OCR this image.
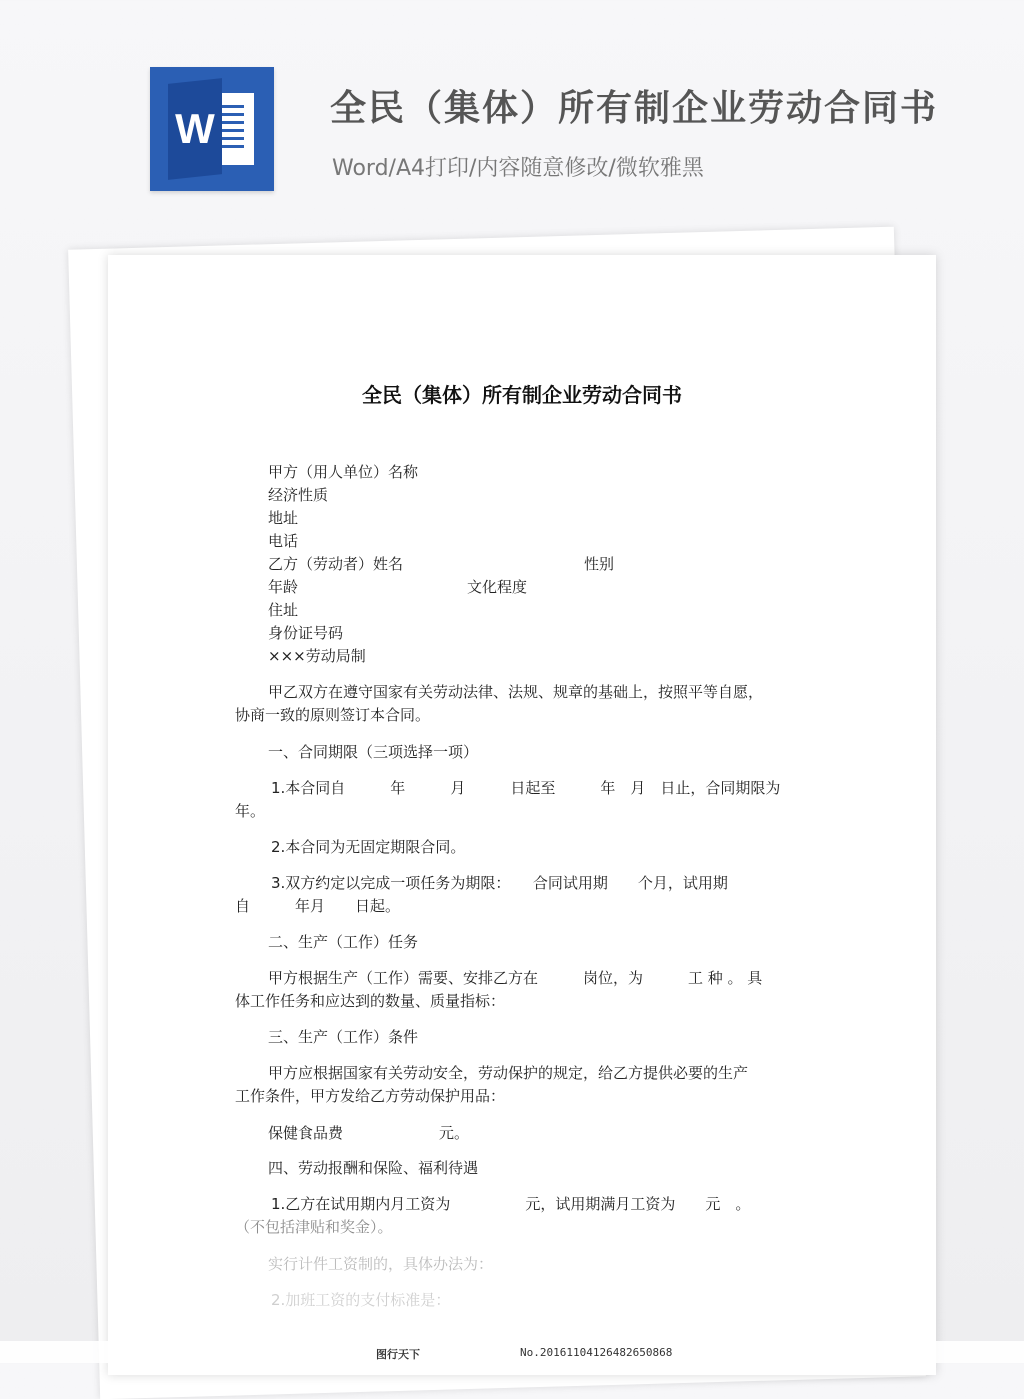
W	全民（集体）所有制企业劳动合同书
Word/A4打印/内容随意修改/微软雅黑
全民（集体）所有制企业劳动合同书
甲方（用人单位）名称
经济性质
地址
电话
乙方（劳动者）姓名	性别
年龄	文化程度
住址
身份证号码
×××劳动局制
甲乙双方在遵守国家有关劳动法律、法规、规章的基础上，按照平等自愿，
协商一致的原则签订本合同。
一、合同期限（三项选择一项）
1.本合同自　　　年　　　月　　　日起至　　　年　月　日止，合同期限为
年。
2.本合同为无固定期限合同。
3.双方约定以完成一项任务为期限：　　合同试用期　　个月，试用期
自　　　年月　　日起。
二、生产（工作）任务
甲方根据生产（工作）需要、安排乙方在　　　岗位，为　　　工 种 。 具
体工作任务和应达到的数量、质量指标：
三、生产（工作）条件
甲方应根据国家有关劳动安全，劳动保护的规定，给乙方提供必要的生产
工作条件，甲方发给乙方劳动保护用品：
保健食品费	元。
四、劳动报酬和保险、福利待遇
1.乙方在试用期内月工资为　　　　　元，试用期满月工资为　　元　。
（不包括津贴和奖金）。
实行计件工资制的，具体办法为：
2.加班工资的支付标准是：
图行天下	No.20161104126482650868
